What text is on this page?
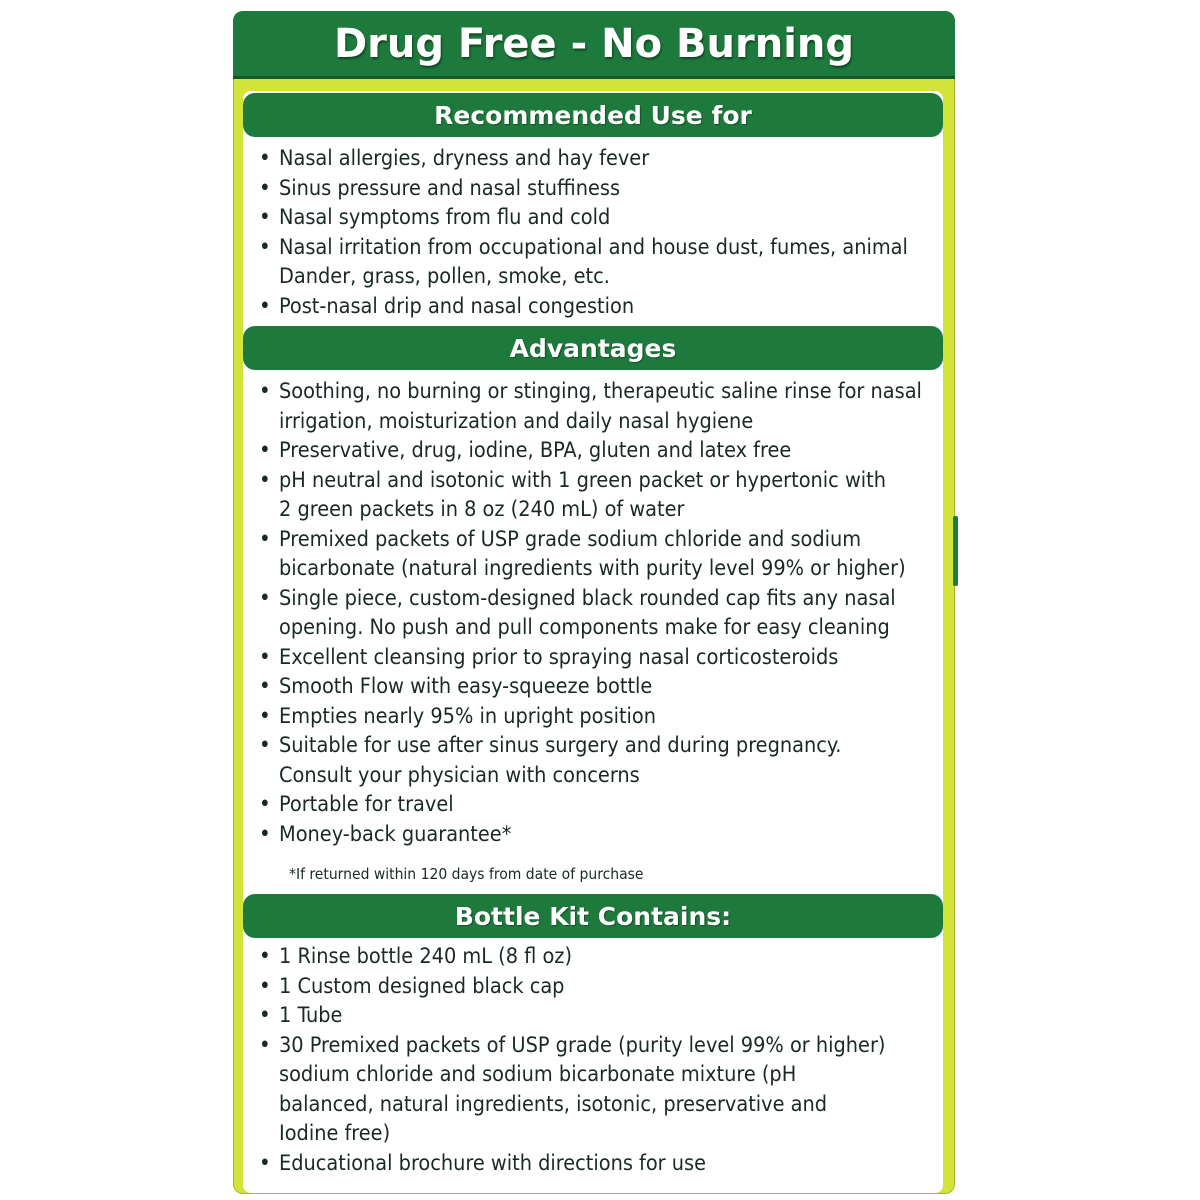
Drug Free - No Burning
Recommended Use for
• Nasal allergies, dryness and hay fever
• Sinus pressure and nasal stuffiness
• Nasal symptoms from flu and cold
• Nasal irritation from occupational and house dust, fumes, animal Dander, grass, pollen, smoke, etc.
• Post-nasal drip and nasal congestion
Advantages
• Soothing, no burning or stinging, therapeutic saline rinse for nasal irrigation, moisturization and daily nasal hygiene
• Preservative, drug, iodine, BPA, gluten and latex free
• pH neutral and isotonic with 1 green packet or hypertonic with 2 green packets in 8 oz (240 mL) of water
• Premixed packets of USP grade sodium chloride and sodium bicarbonate (natural ingredients with purity level 99% or higher)
• Single piece, custom-designed black rounded cap fits any nasal opening. No push and pull components make for easy cleaning
• Excellent cleansing prior to spraying nasal corticosteroids
• Smooth Flow with easy-squeeze bottle
• Empties nearly 95% in upright position
• Suitable for use after sinus surgery and during pregnancy. Consult your physician with concerns
• Portable for travel
• Money-back guarantee*
*If returned within 120 days from date of purchase
Bottle Kit Contains:
• 1 Rinse bottle 240 mL (8 fl oz)
• 1 Custom designed black cap
• 1 Tube
• 30 Premixed packets of USP grade (purity level 99% or higher) sodium chloride and sodium bicarbonate mixture (pH balanced, natural ingredients, isotonic, preservative and Iodine free)
• Educational brochure with directions for use
